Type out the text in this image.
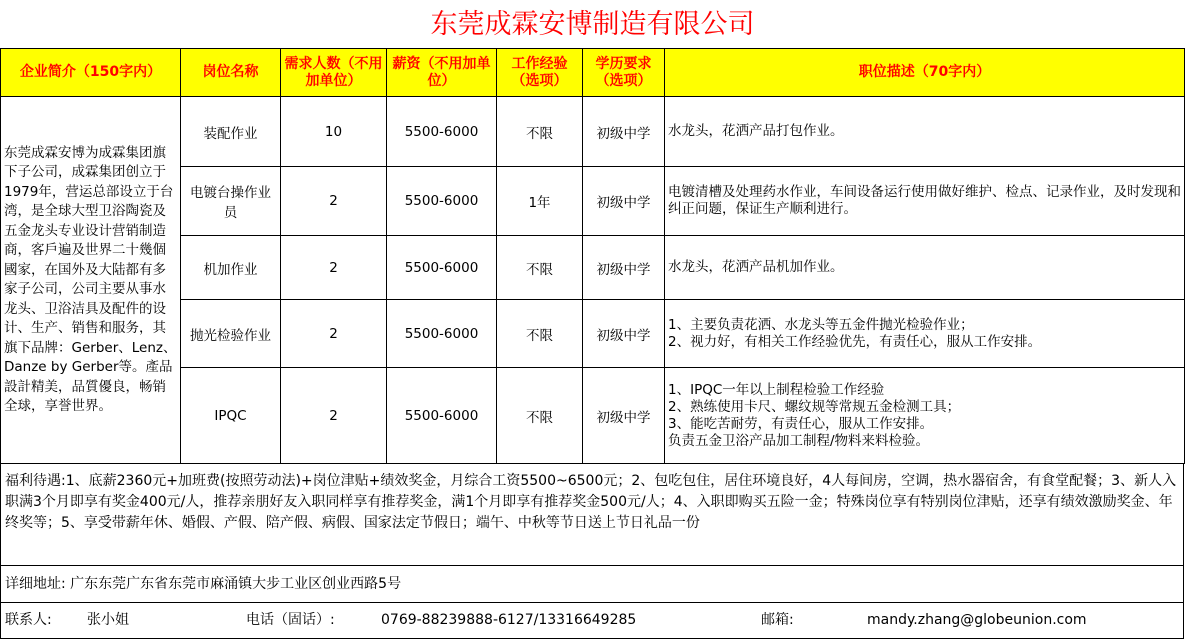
东莞成霖安博制造有限公司
企业简介（150字内）	岗位名称	需求人数（不用加单位）	薪资（不用加单位）	工作经验（选项）	学历要求（选项）	职位描述（70字内）
东莞成霖安博为成霖集团旗下子公司，成霖集团创立于1979年，营运总部设立于台湾，是全球大型卫浴陶瓷及五金龙头专业设计营销制造商，客戶遍及世界二十幾個國家，在国外及大陆都有多家子公司，公司主要从事水龙头、卫浴洁具及配件的设计、生产、销售和服务，其旗下品牌：Gerber、Lenz、Danze by Gerber等。產品設計精美，品質優良，畅销全球，享誉世界。	装配作业	10	5500-6000	不限	初级中学	水龙头，花洒产品打包作业。

	电镀台操作业员	2	5500-6000	1年	初级中学	电镀清槽及处理药水作业，车间设备运行使用做好维护、检点、记录作业，及时发现和纠正问题，保证生产顺利进行。

	机加作业	2	5500-6000	不限	初级中学	水龙头，花洒产品机加作业。

	抛光检验作业	2	5500-6000	不限	初级中学	1、主要负责花洒、水龙头等五金件抛光检验作业；
2、视力好，有相关工作经验优先，有责任心，服从工作安排。

	IPQC	2	5500-6000	不限	初级中学	1、IPQC一年以上制程检验工作经验
2、熟练使用卡尺、螺纹规等常规五金检测工具；
3、能吃苦耐劳，有责任心，服从工作安排。
负责五金卫浴产品加工制程/物料来料检验。
福利待遇:1、底薪2360元+加班费(按照劳动法)+岗位津贴+绩效奖金，月综合工资5500~6500元；2、包吃包住，居住环境良好，4人每间房，空调，热水器宿舍，有食堂配餐；3、新人入职满3个月即享有奖金400元/人，推荐亲朋好友入职同样享有推荐奖金，满1个月即享有推荐奖金500元/人；4、入职即购买五险一金；特殊岗位享有特别岗位津贴，还享有绩效激励奖金、年终奖等；5、享受带薪年休、婚假、产假、陪产假、病假、国家法定节假日；端午、中秋等节日送上节日礼品一份
详细地址: 广东东莞广东省东莞市麻涌镇大步工业区创业西路5号
联系人:	张小姐	电话（固话）:	0769-88239888-6127/13316649285	邮箱:	mandy.zhang@globeunion.com
